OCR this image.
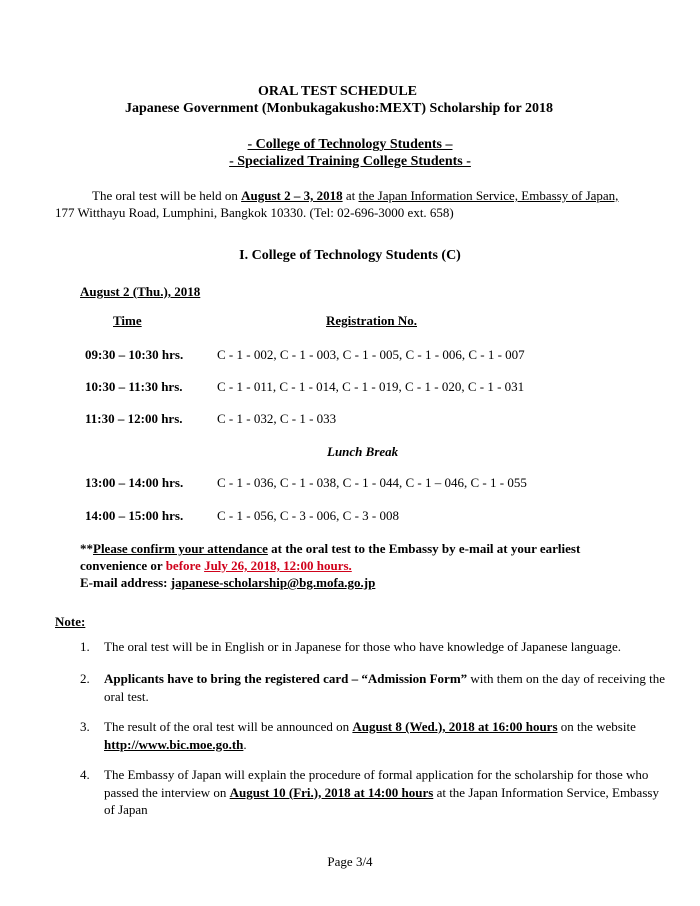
ORAL TEST SCHEDULE
Japanese Government (Monbukagakusho:MEXT) Scholarship for 2018
- College of Technology Students –
- Specialized Training College Students -
The oral test will be held on August 2 – 3, 2018 at the Japan Information Service, Embassy of Japan,
177 Witthayu Road, Lumphini, Bangkok 10330. (Tel: 02-696-3000 ext. 658)
I. College of Technology Students (C)
August 2 (Thu.), 2018
Time	Registration No.
09:30 – 10:30 hrs.	C - 1 - 002, C - 1 - 003, C - 1 - 005, C - 1 - 006, C - 1 - 007
10:30 – 11:30 hrs.	C - 1 - 011, C - 1 - 014, C - 1 - 019, C - 1 - 020, C - 1 - 031
11:30 – 12:00 hrs.	C - 1 - 032, C - 1 - 033
Lunch Break
13:00 – 14:00 hrs.	C - 1 - 036, C - 1 - 038, C - 1 - 044, C - 1 – 046, C - 1 - 055
14:00 – 15:00 hrs.	C - 1 - 056, C - 3 - 006, C - 3 - 008
**Please confirm your attendance at the oral test to the Embassy by e-mail at your earliest
convenience or before July 26, 2018, 12:00 hours.
E-mail address: japanese-scholarship@bg.mofa.go.jp
Note:
1. The oral test will be in English or in Japanese for those who have knowledge of Japanese language.
2. Applicants have to bring the registered card – “Admission Form” with them on the day of receiving the oral test.
3. The result of the oral test will be announced on August 8 (Wed.), 2018 at 16:00 hours on the website http://www.bic.moe.go.th.
4. The Embassy of Japan will explain the procedure of formal application for the scholarship for those who passed the interview on August 10 (Fri.), 2018 at 14:00 hours at the Japan Information Service, Embassy of Japan
Page 3/4
